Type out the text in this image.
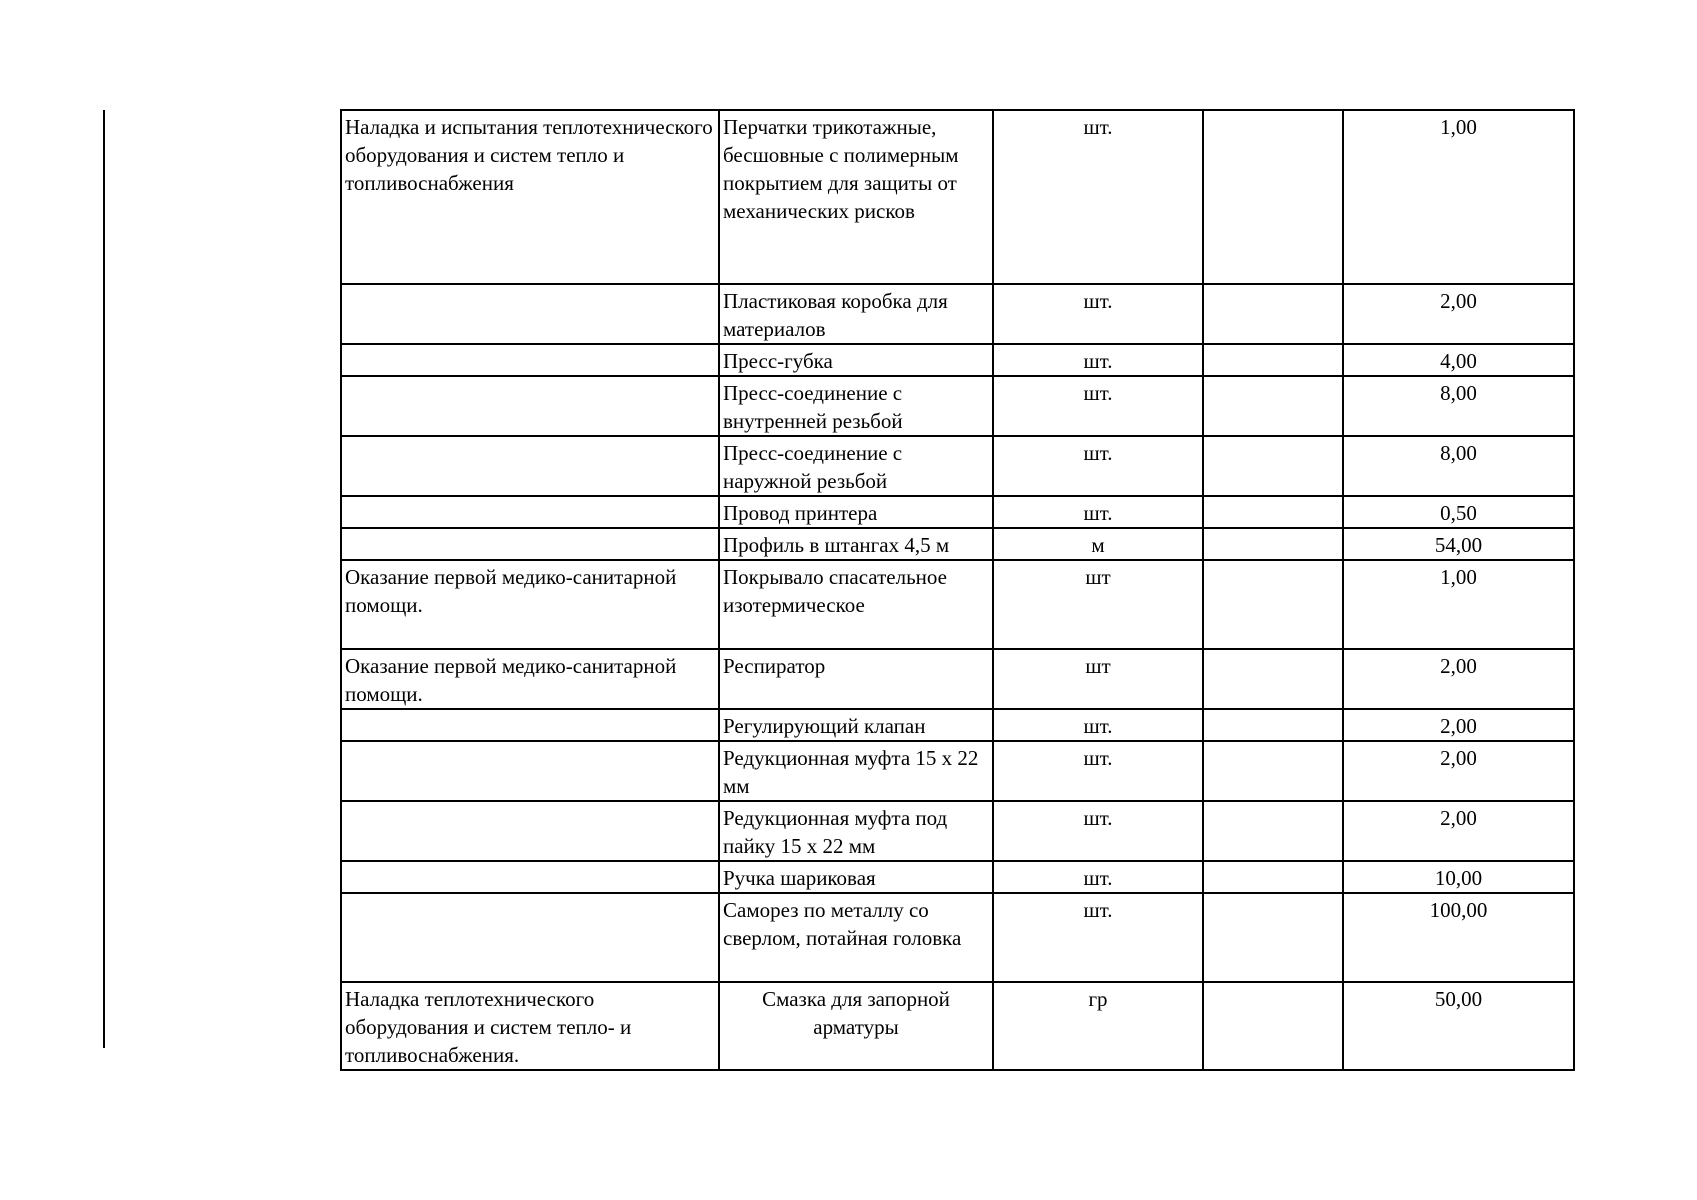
Наладка и испытания теплотехнического оборудования и систем тепло и топливоснабжения	Перчатки трикотажные, бесшовные с полимерным покрытием для защиты от механических рисков	шт.		1,00
	Пластиковая коробка для материалов	шт.		2,00
	Пресс-губка	шт.		4,00
	Пресс-соединение с внутренней резьбой	шт.		8,00
	Пресс-соединение с наружной резьбой	шт.		8,00
	Провод принтера	шт.		0,50
	Профиль в штангах 4,5 м	м		54,00
Оказание первой медико-санитарной помощи.	Покрывало спасательное изотермическое	шт		1,00
Оказание первой медико-санитарной помощи.	Респиратор	шт		2,00
	Регулирующий клапан	шт.		2,00
	Редукционная муфта 15 х 22 мм	шт.		2,00
	Редукционная муфта под пайку 15 х 22 мм	шт.		2,00
	Ручка шариковая	шт.		10,00
	Саморез по металлу со сверлом, потайная головка	шт.		100,00
Наладка теплотехнического оборудования и систем тепло- и топливоснабжения.	Смазка для запорной арматуры	гр		50,00
